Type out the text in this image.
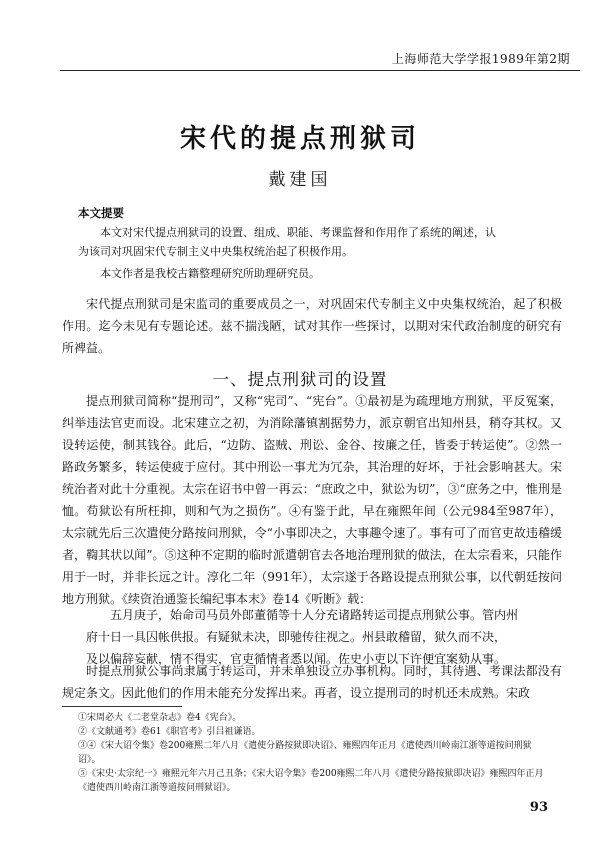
上海师范大学学报1989年第2期
宋代的提点刑狱司
戴建国
本文提要
本文对宋代提点刑狱司的设置、组成、职能、考课监督和作用作了系统的阐述，认为该司对巩固宋代专制主义中央集权统治起了积极作用。
本文作者是我校古籍整理研究所助理研究员。
宋代提点刑狱司是宋监司的重要成员之一，对巩固宋代专制主义中央集权统治，起了积极作用。迄今未见有专题论述。兹不揣浅陋，试对其作一些探讨，以期对宋代政治制度的研究有所裨益。
一、提点刑狱司的设置
提点刑狱司简称“提刑司”，又称“宪司”、“宪台”。①最初是为疏理地方刑狱，平反冤案，纠举违法官吏而设。北宋建立之初，为消除藩镇割据势力，派京朝官出知州县，稍夺其权。又设转运使，制其钱谷。此后，“边防、盗贼、刑讼、金谷、按廉之任，皆委于转运使”。②然一路政务繁多，转运使疲于应付。其中刑讼一事尤为冗杂，其治理的好坏，于社会影响甚大。宋统治者对此十分重视。太宗在诏书中曾一再云：“庶政之中，狱讼为切”，③“庶务之中，惟刑是恤。苟狱讼有所枉抑，则和气为之损伤”。④有鉴于此，早在雍熙年间（公元984至987年），太宗就先后三次遣使分路按问刑狱，令“小事即决之，大事趣令速了。事有可了而官吏故违稽缓者，鞫其状以闻”。⑤这种不定期的临时派遣朝官去各地治理刑狱的做法，在太宗看来，只能作用于一时，并非长远之计。淳化二年（991年），太宗遂于各路设提点刑狱公事，以代朝廷按问地方刑狱。《续资治通鉴长编纪事本末》卷14《听断》载：
五月庚子，始命司马员外郎董循等十人分充诸路转运司提点刑狱公事。管内州
府十日一具囚帐供报。有疑狱未决，即驰传往视之。州县敢稽留，狱久而不决，
及以偏辞妄献，情不得实，官吏循情者悉以闻。佐史小吏以下许便宜案劾从事。
时提点刑狱公事尚隶属于转运司，并未单独设立办事机构。同时，其待遇、考课法都没有规定条文。因此他们的作用未能充分发挥出来。再者，设立提刑司的时机还未成熟。宋政
①宋周必大《二老堂杂志》卷4《宪台》。
②《文献通考》卷61《职官考》引吕祖谦语。
③④《宋大诏令集》卷200雍熙二年八月《遣使分路按狱即决诏》、雍熙四年正月《遣使西川岭南江浙等道按问刑狱诏》。
⑤《宋史·太宗纪一》雍熙元年六月己丑条；《宋大诏令集》卷200雍熙二年八月《遣使分路按狱即决诏》雍熙四年正月《遣使西川岭南江浙等道按问刑狱诏》。
93
